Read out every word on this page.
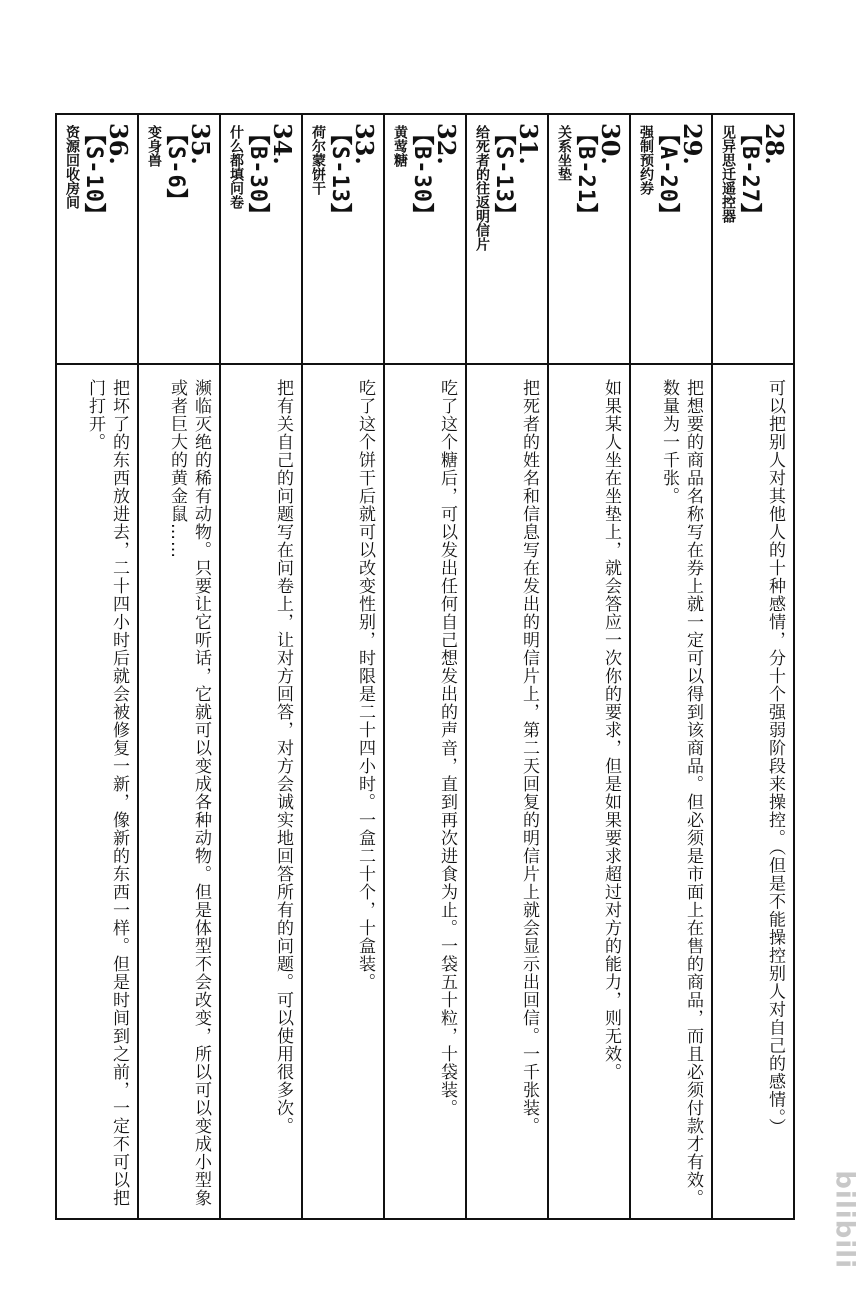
28.
【B-27】
见异思迁遥控器
可以把别人对其他人的十种感情，分十个强弱阶段来操控。（但是不能操控别人对自己的感情。）
29.
【A-20】
强制预约券
把想要的商品名称写在券上就一定可以得到该商品。但必须是市面上在售的商品，而且必须付款才有效。数量为一千张。
30.
【B-21】
关系坐垫
如果某人坐在坐垫上，就会答应一次你的要求，但是如果要求超过对方的能力，则无效。
31.
【S-13】
给死者的往返明信片
把死者的姓名和信息写在发出的明信片上，第二天回复的明信片上就会显示出回信。一千张装。
32.
【B-30】
黄莺糖
吃了这个糖后，可以发出任何自己想发出的声音，直到再次进食为止。一袋五十粒，十袋装。
33.
【S-13】
荷尔蒙饼干
吃了这个饼干后就可以改变性别，时限是二十四小时。一盒二十个，十盒装。
34.
【B-30】
什么都填问卷
把有关自己的问题写在问卷上，让对方回答，对方会诚实地回答所有的问题。可以使用很多次。
35.
【S-6】
变身兽
濒临灭绝的稀有动物。只要让它听话，它就可以变成各种动物。但是体型不会改变，所以可以变成小型象或者巨大的黄金鼠……
36.
【S-10】
资源回收房间
把坏了的东西放进去，二十四小时后就会被修复一新，像新的东西一样。但是时间到之前，一定不可以把门打开。
bilibili
